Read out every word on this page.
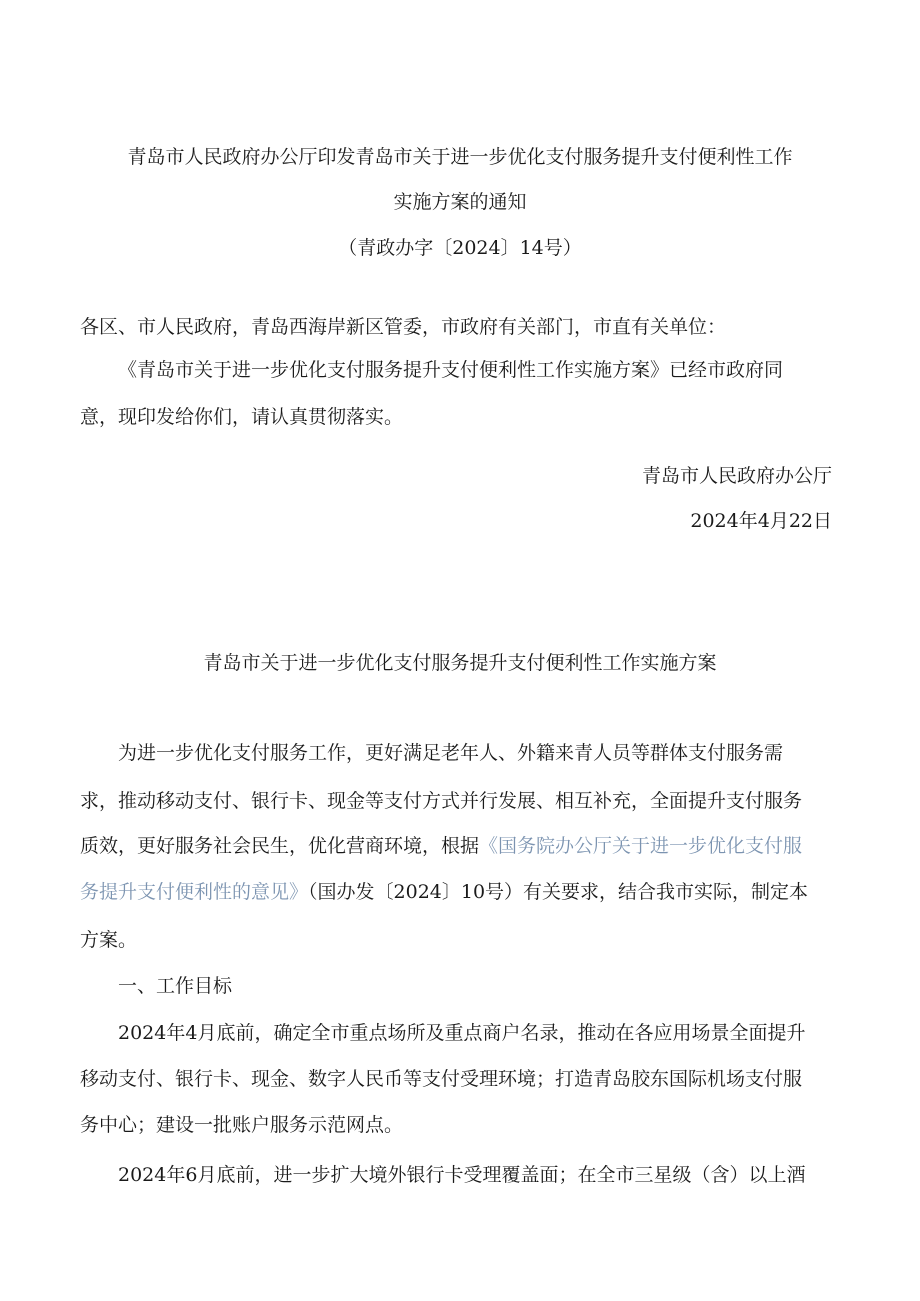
青岛市人民政府办公厅印发青岛市关于进一步优化支付服务提升支付便利性工作
实施方案的通知
（青政办字〔2024〕14号）
各区、市人民政府，青岛西海岸新区管委，市政府有关部门，市直有关单位：
《青岛市关于进一步优化支付服务提升支付便利性工作实施方案》已经市政府同
意，现印发给你们，请认真贯彻落实。
青岛市人民政府办公厅
2024年4月22日
青岛市关于进一步优化支付服务提升支付便利性工作实施方案
为进一步优化支付服务工作，更好满足老年人、外籍来青人员等群体支付服务需
求，推动移动支付、银行卡、现金等支付方式并行发展、相互补充，全面提升支付服务
质效，更好服务社会民生，优化营商环境，根据《国务院办公厅关于进一步优化支付服
务提升支付便利性的意见》（国办发〔2024〕10号）有关要求，结合我市实际，制定本
方案。
一、工作目标
2024年4月底前，确定全市重点场所及重点商户名录，推动在各应用场景全面提升
移动支付、银行卡、现金、数字人民币等支付受理环境；打造青岛胶东国际机场支付服
务中心；建设一批账户服务示范网点。
2024年6月底前，进一步扩大境外银行卡受理覆盖面；在全市三星级（含）以上酒
